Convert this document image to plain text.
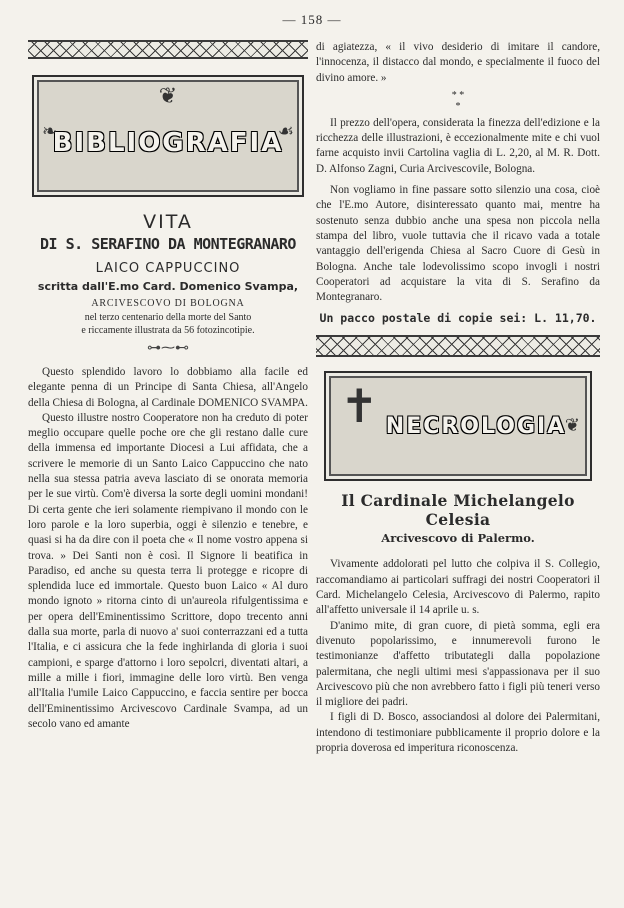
— 158 —
❦
❧	☙
BIBLIOGRAFIA

VITA

DI S. SERAFINO DA MONTEGRANARO

LAICO CAPPUCCINO

scritta dall'E.mo Card. Domenico Svampa,

ARCIVESCOVO DI BOLOGNA

nel terzo centenario della morte del Santo

e riccamente illustrata da 56 fotozincotipie.

⊶⁓⊷

Questo splendido lavoro lo dobbiamo alla facile ed elegante penna di un Principe di Santa Chiesa, all'Angelo della Chiesa di Bologna, al Cardinale DOMENICO SVAMPA.

Questo illustre nostro Cooperatore non ha creduto di poter meglio occupare quelle poche ore che gli restano dalle cure della immensa ed importante Diocesi a Lui affidata, che a scrivere le memorie di un Santo Laico Cappuccino che nato nella sua stessa patria aveva lasciato di se onorata memoria per le sue virtù. Com'è diversa la sorte degli uomini mondani! Di certa gente che ieri solamente riempivano il mondo con le loro parole e la loro superbia, oggi è silenzio e tenebre, e quasi si ha da dire con il poeta che « Il nome vostro appena si trova. » Dei Santi non è così. Il Signore li beatifica in Paradiso, ed anche su questa terra li protegge e ricopre di splendida luce ed immortale. Questo buon Laico « Al duro mondo ignoto » ritorna cinto di un'aureola rifulgentissima e per opera dell'Eminentissimo Scrittore, dopo trecento anni dalla sua morte, parla di nuovo a' suoi conterrazzani ed a tutta l'Italia, e ci assicura che la fede inghirlanda di gloria i suoi campioni, e sparge d'attorno i loro sepolcri, diventati altari, a mille a mille i fiori, immagine delle loro virtù. Ben venga all'Italia l'umile Laico Cappuccino, e faccia sentire per bocca dell'Eminentissimo Arcivescovo Cardinale Svampa, ad un secolo vano ed amante

di agiatezza, « il vivo desiderio di imitare il candore, l'innocenza, il distacco dal mondo, e specialmente il fuoco del divino amore. »

* *
*

Il prezzo dell'opera, considerata la finezza dell'edizione e la ricchezza delle illustrazioni, è eccezionalmente mite e chi vuol farne acquisto invii Cartolina vaglia di L. 2,20, al M. R. Dott. D. Alfonso Zagni, Curia Arcivescovile, Bologna.

Non vogliamo in fine passare sotto silenzio una cosa, cioè che l'E.mo Autore, disinteressato quanto mai, mentre ha sostenuto senza dubbio anche una spesa non piccola nella stampa del libro, vuole tuttavia che il ricavo vada a totale vantaggio dell'erigenda Chiesa al Sacro Cuore di Gesù in Bologna. Anche tale lodevolissimo scopo invogli i nostri Cooperatori ad acquistare la vita di S. Serafino da Montegranaro.

Un pacco postale di copie sei: L. 11,70.

✝	❦
NECROLOGIA

Il Cardinale Michelangelo Celesia

Arcivescovo di Palermo.

Vivamente addolorati pel lutto che colpiva il S. Collegio, raccomandiamo ai particolari suffragi dei nostri Cooperatori il Card. Michelangelo Celesia, Arcivescovo di Palermo, rapito all'affetto universale il 14 aprile u. s.

D'animo mite, di gran cuore, di pietà somma, egli era divenuto popolarissimo, e innumerevoli furono le testimonianze d'affetto tributategli dalla popolazione palermitana, che negli ultimi mesi s'appassionava per il suo Arcivescovo più che non avrebbero fatto i figli più teneri verso il migliore dei padri.

I figli di D. Bosco, associandosi al dolore dei Palermitani, intendono di testimoniare pubblicamente il proprio dolore e la propria doverosa ed imperitura riconoscenza.
